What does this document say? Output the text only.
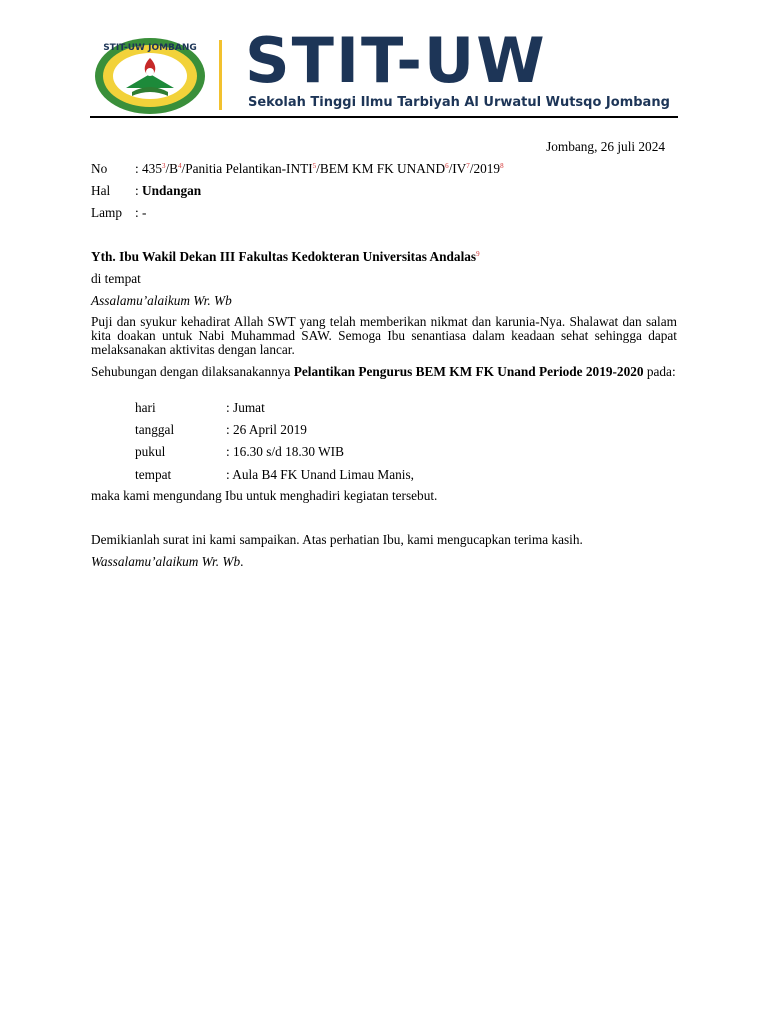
STIT-UW JOMBANG STIT-UW
Sekolah Tinggi Ilmu Tarbiyah Al Urwatul Wutsqo Jombang
Jombang, 26 juli 2024
No : $435^3/B^4$/Panitia Pelantikan-INTI$^5$/BEM KM FK $UNAND^6/IV^7/2019^8$
Hal : Undangan
Lamp : -
Yth. Ibu Wakil Dekan III Fakultas Kedokteran Universitas Andalas$^9$
di tempat
Assalamu’alaikum Wr. Wb
Puji dan syukur kehadirat Allah SWT yang telah memberikan nikmat dan karunia-Nya. Shalawat dan salam kita doakan untuk Nabi Muhammad SAW. Semoga Ibu senantiasa dalam keadaan sehat sehingga dapat melaksanakan aktivitas dengan lancar.
Sehubungan dengan dilaksanakannya Pelantikan Pengurus BEM KM FK Unand Periode 2019-2020 pada:
hari	: Jumat
tanggal	: 26 April 2019
pukul	: 16.30 s/d 18.30 WIB
tempat	: Aula B4 FK Unand Limau Manis,
maka kami mengundang Ibu untuk menghadiri kegiatan tersebut.
Demikianlah surat ini kami sampaikan. Atas perhatian Ibu, kami mengucapkan terima kasih.
Wassalamu’alaikum Wr. Wb.
